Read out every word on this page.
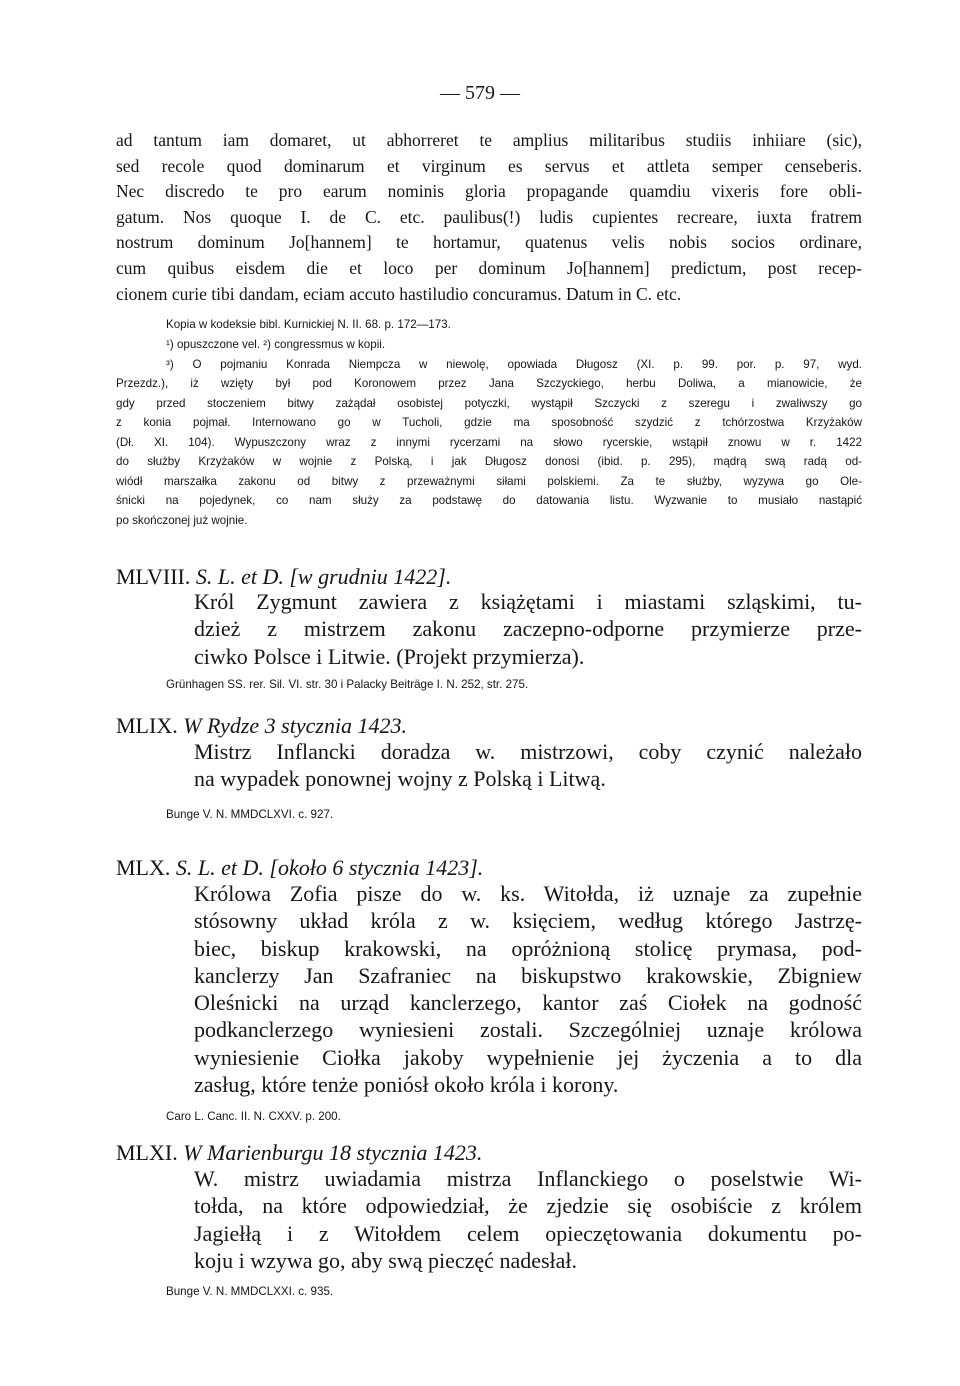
— 579 —
ad tantum iam domaret, ut abhorreret te amplius militaribus studiis inhiiare (sic),
sed recole quod dominarum et virginum es servus et attleta semper censeberis.
Nec discredo te pro earum nominis gloria propagande quamdiu vixeris fore obli-
gatum. Nos quoque I. de C. etc. paulibus(!) ludis cupientes recreare, iuxta fratrem
nostrum dominum Jo[hannem] te hortamur, quatenus velis nobis socios ordinare,
cum quibus eisdem die et loco per dominum Jo[hannem] predictum, post recep-
cionem curie tibi dandam, eciam accuto hastiludio concuramus. Datum in C. etc.
Kopia w kodeksie bibl. Kurnickiej N. II. 68. p. 172—173.
¹) opuszczone vel. ²) congressmus w kopii.
³) O pojmaniu Konrada Niempcza w niewolę, opowiada Długosz (XI. p. 99. por. p. 97, wyd.
Przezdz.), iż wzięty był pod Koronowem przez Jana Szczyckiego, herbu Doliwa, a mianowicie, że
gdy przed stoczeniem bitwy zażądał osobistej potyczki, wystąpił Szczycki z szeregu i zwaliwszy go
z konia pojmał. Internowano go w Tucholi, gdzie ma sposobność szydzić z tchórzostwa Krzyżaków
(Dł. XI. 104). Wypuszczony wraz z innymi rycerzami na słowo rycerskie, wstąpił znowu w r. 1422
do służby Krzyżaków w wojnie z Polską, i jak Długosz donosi (ibid. p. 295), mądrą swą radą od-
wiódł marszałka zakonu od bitwy z przeważnymi siłami polskiemi. Za te służby, wyzywa go Ole-
śnicki na pojedynek, co nam służy za podstawę do datowania listu. Wyzwanie to musiało nastąpić
po skończonej już wojnie.
MLVIII. S. L. et D. [w grudniu 1422].
Król Zygmunt zawiera z książętami i miastami szląskimi, tu-
dzież z mistrzem zakonu zaczepno-odporne przymierze prze-
ciwko Polsce i Litwie. (Projekt przymierza).
Grünhagen SS. rer. Sil. VI. str. 30 i Palacky Beiträge I. N. 252, str. 275.
MLIX. W Rydze 3 stycznia 1423.
Mistrz Inflancki doradza w. mistrzowi, coby czynić należało
na wypadek ponownej wojny z Polską i Litwą.
Bunge V. N. MMDCLXVI. c. 927.
MLX. S. L. et D. [około 6 stycznia 1423].
Królowa Zofia pisze do w. ks. Witołda, iż uznaje za zupełnie
stósowny układ króla z w. księciem, według którego Jastrzę-
biec, biskup krakowski, na opróżnioną stolicę prymasa, pod-
kanclerzy Jan Szafraniec na biskupstwo krakowskie, Zbigniew
Oleśnicki na urząd kanclerzego, kantor zaś Ciołek na godność
podkanclerzego wyniesieni zostali. Szczególniej uznaje królowa
wyniesienie Ciołka jakoby wypełnienie jej życzenia a to dla
zasług, które tenże poniósł około króla i korony.
Caro L. Canc. II. N. CXXV. p. 200.
MLXI. W Marienburgu 18 stycznia 1423.
W. mistrz uwiadamia mistrza Inflanckiego o poselstwie Wi-
tołda, na które odpowiedział, że zjedzie się osobiście z królem
Jagiełłą i z Witołdem celem opieczętowania dokumentu po-
koju i wzywa go, aby swą pieczęć nadesłał.
Bunge V. N. MMDCLXXI. c. 935.
